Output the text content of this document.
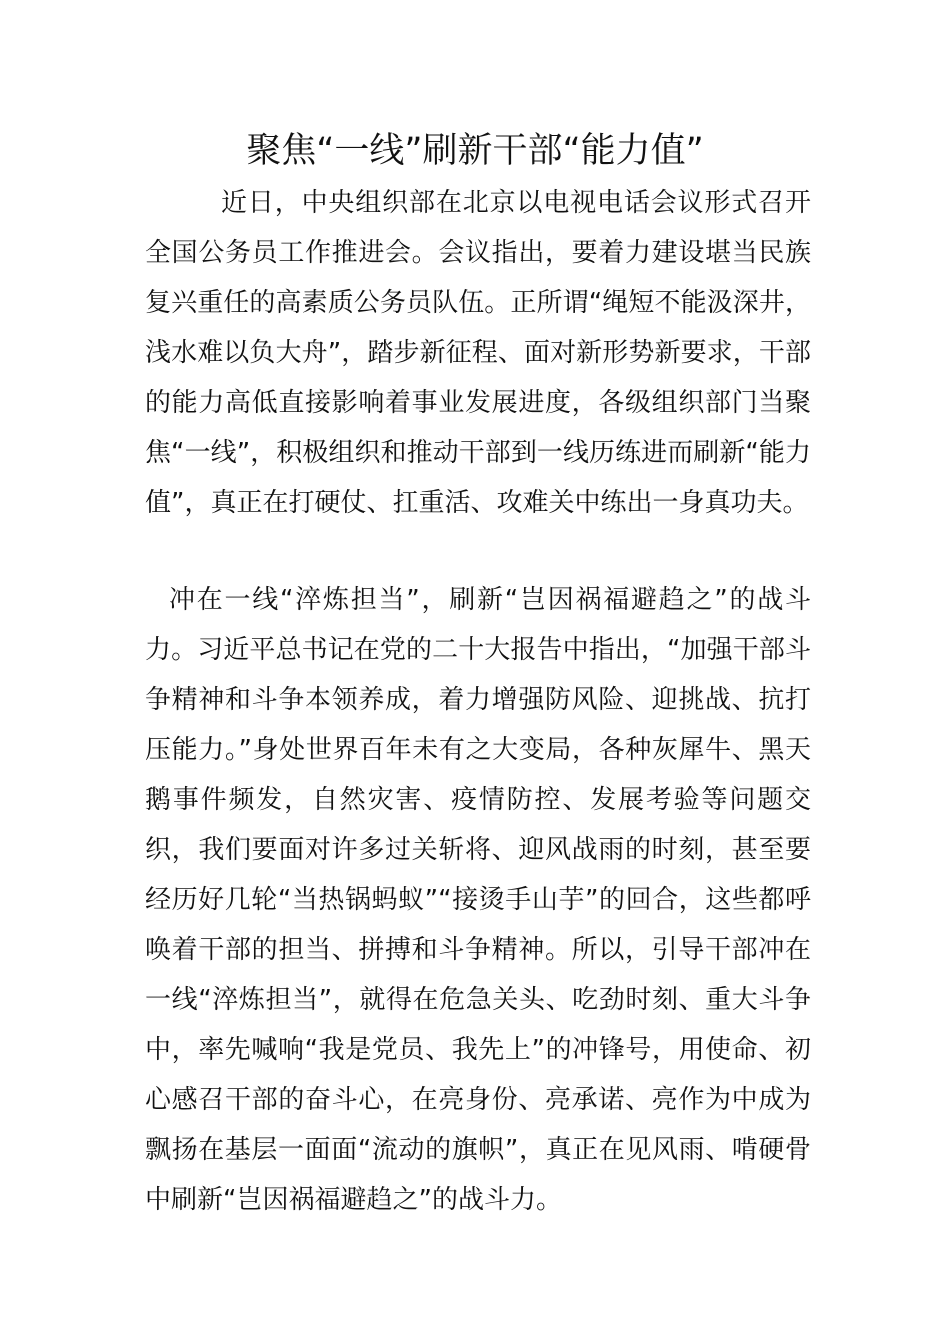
聚焦“一线”刷新干部“能力值”

近日，中央组织部在北京以电视电话会议形式召开全国公务员工作推进会。会议指出，要着力建设堪当民族复兴重任的高素质公务员队伍。正所谓“绳短不能汲深井，浅水难以负大舟”，踏步新征程、面对新形势新要求，干部的能力高低直接影响着事业发展进度，各级组织部门当聚焦“一线”，积极组织和推动干部到一线历练进而刷新“能力值”，真正在打硬仗、扛重活、攻难关中练出一身真功夫。

冲在一线“淬炼担当”，刷新“岂因祸福避趋之”的战斗力。习近平总书记在党的二十大报告中指出，“加强干部斗争精神和斗争本领养成，着力增强防风险、迎挑战、抗打压能力。”身处世界百年未有之大变局，各种灰犀牛、黑天鹅事件频发，自然灾害、疫情防控、发展考验等问题交织，我们要面对许多过关斩将、迎风战雨的时刻，甚至要经历好几轮“当热锅蚂蚁”“接烫手山芋”的回合，这些都呼唤着干部的担当、拼搏和斗争精神。所以，引导干部冲在一线“淬炼担当”，就得在危急关头、吃劲时刻、重大斗争中，率先喊响“我是党员、我先上”的冲锋号，用使命、初心感召干部的奋斗心，在亮身份、亮承诺、亮作为中成为飘扬在基层一面面“流动的旗帜”，真正在见风雨、啃硬骨中刷新“岂因祸福避趋之”的战斗力。
